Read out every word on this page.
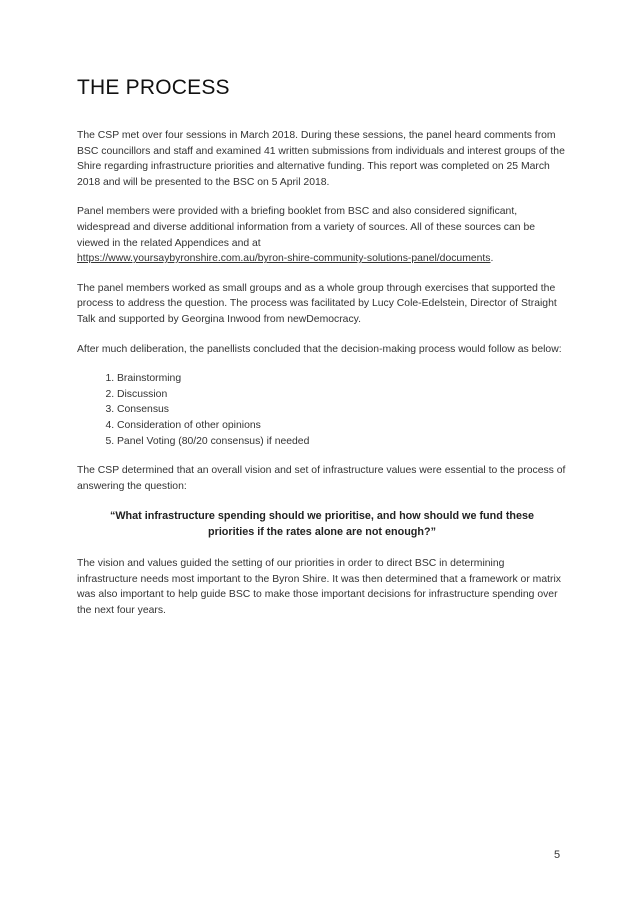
THE PROCESS

The CSP met over four sessions in March 2018. During these sessions, the panel heard comments from BSC councillors and staff and examined 41 written submissions from individuals and interest groups of the Shire regarding infrastructure priorities and alternative funding. This report was completed on 25 March 2018 and will be presented to the BSC on 5 April 2018.

Panel members were provided with a briefing booklet from BSC and also considered significant, widespread and diverse additional information from a variety of sources. All of these sources can be viewed in the related Appendices and at
https://www.yoursaybyronshire.com.au/byron-shire-community-solutions-panel/documents.

The panel members worked as small groups and as a whole group through exercises that supported the process to address the question. The process was facilitated by Lucy Cole-Edelstein, Director of Straight Talk and supported by Georgina Inwood from newDemocracy.

After much deliberation, the panellists concluded that the decision-making process would follow as below:

1. Brainstorming
2. Discussion
3. Consensus
4. Consideration of other opinions
5. Panel Voting (80/20 consensus) if needed

The CSP determined that an overall vision and set of infrastructure values were essential to the process of answering the question:

“What infrastructure spending should we prioritise, and how should we fund these priorities if the rates alone are not enough?”

The vision and values guided the setting of our priorities in order to direct BSC in determining infrastructure needs most important to the Byron Shire. It was then determined that a framework or matrix was also important to help guide BSC to make those important decisions for infrastructure spending over the next four years.

5
